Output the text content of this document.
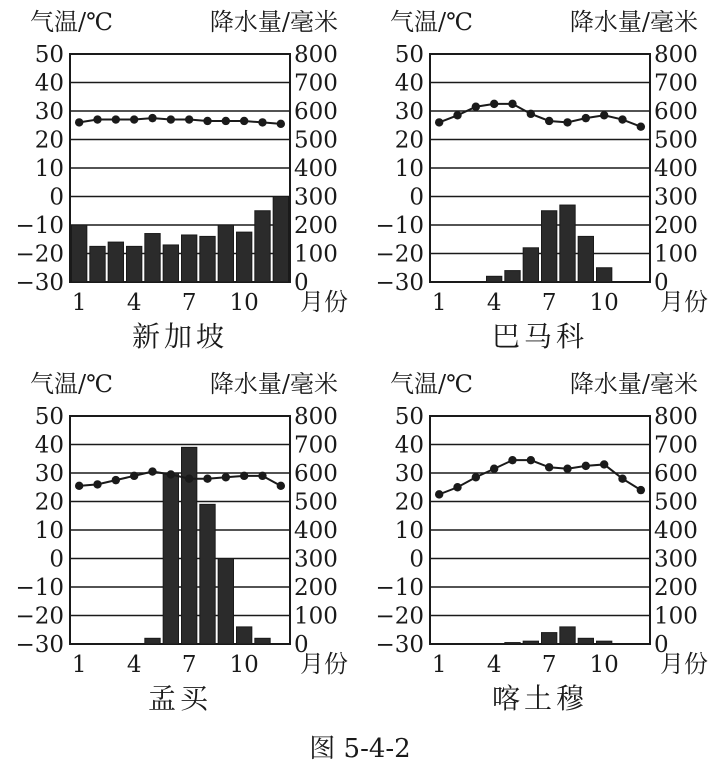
图 5-4-2
气温/℃	降水量/毫米
50
40
30
20
10
0
−10
−20
−30
800
700
600
500
400
300
200
100
0
1 4 7 10 月份
新加坡
气温/℃	降水量/毫米
50
40
30
20
10
0
−10
−20
−30
800
700
600
500
400
300
200
100
0
1 4 7 10 月份
巴马科
气温/℃	降水量/毫米
50
40
30
20
10
0
−10
−20
−30
800
700
600
500
400
300
200
100
0
1 4 7 10 月份
孟买
气温/℃	降水量/毫米
50
40
30
20
10
0
−10
−20
−30
800
700
600
500
400
300
200
100
0
1 4 7 10 月份
喀土穆
